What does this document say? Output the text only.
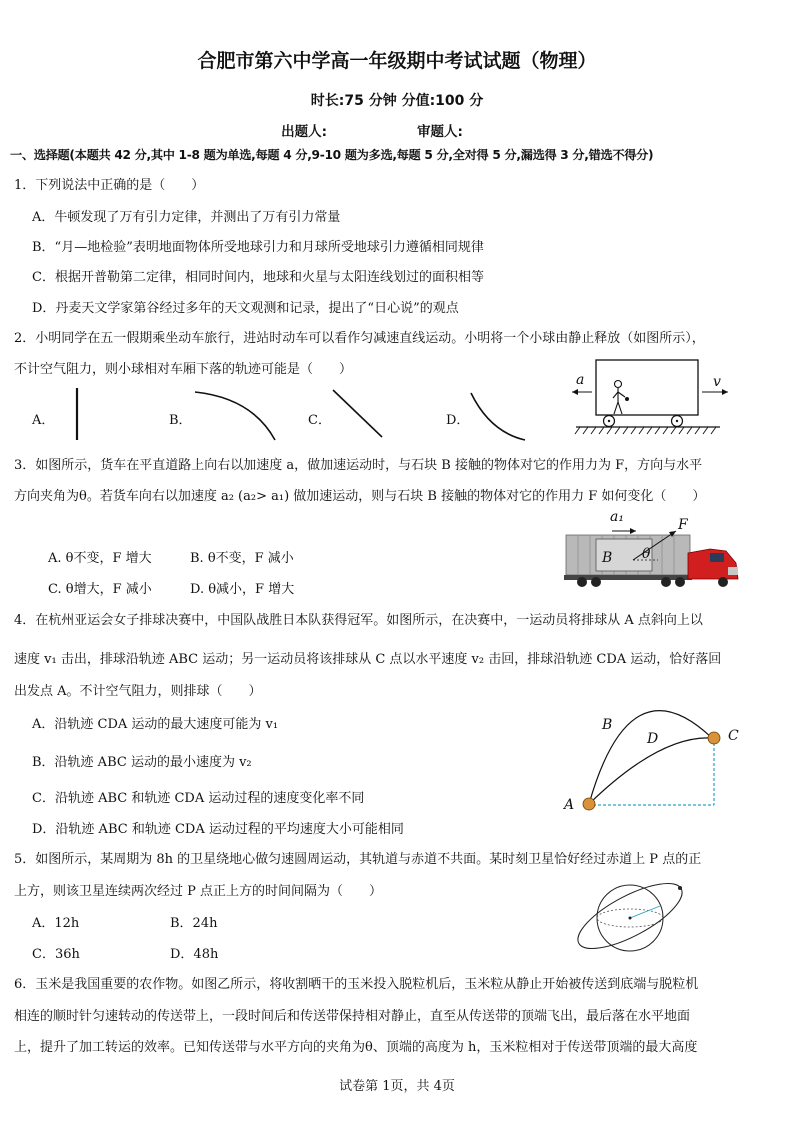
合肥市第六中学高一年级期中考试试题（物理）
时长:75 分钟 分值:100 分
出题人:	审题人:
一、选择题(本题共 42 分,其中 1-8 题为单选,每题 4 分,9-10 题为多选,每题 5 分,全对得 5 分,漏选得 3 分,错选不得分)
1．下列说法中正确的是（　　）
A．牛顿发现了万有引力定律，并测出了万有引力常量
B．“月—地检验”表明地面物体所受地球引力和月球所受地球引力遵循相同规律
C．根据开普勒第二定律，相同时间内，地球和火星与太阳连线划过的面积相等
D．丹麦天文学家第谷经过多年的天文观测和记录，提出了“日心说”的观点
2．小明同学在五一假期乘坐动车旅行，进站时动车可以看作匀减速直线运动。小明将一个小球由静止释放（如图所示），
不计空气阻力，则小球相对车厢下落的轨迹可能是（　　）
A．	B．	C．	D．
a	v
3．如图所示，货车在平直道路上向右以加速度 a，做加速运动时，与石块 B 接触的物体对它的作用力为 F，方向与水平
方向夹角为θ。若货车向右以加速度 a₂ (a₂> a₁) 做加速运动，则与石块 B 接触的物体对它的作用力 F 如何变化（　　）
A. θ不变，F 增大	B. θ不变，F 减小
C. θ增大，F 减小	D. θ减小，F 增大
a₁	F
B θ
4．在杭州亚运会女子排球决赛中，中国队战胜日本队获得冠军。如图所示，在决赛中，一运动员将排球从 A 点斜向上以
速度 v₁ 击出，排球沿轨迹 ABC 运动；另一运动员将该排球从 C 点以水平速度 v₂ 击回，排球沿轨迹 CDA 运动，恰好落回
出发点 A。不计空气阻力，则排球（　　）
A．沿轨迹 CDA 运动的最大速度可能为 v₁
B．沿轨迹 ABC 运动的最小速度为 v₂
C．沿轨迹 ABC 和轨迹 CDA 运动过程的速度变化率不同
D．沿轨迹 ABC 和轨迹 CDA 运动过程的平均速度大小可能相同
A
B
C
D
5．如图所示，某周期为 8h 的卫星绕地心做匀速圆周运动，其轨道与赤道不共面。某时刻卫星恰好经过赤道上 P 点的正
上方，则该卫星连续两次经过 P 点正上方的时间间隔为（　　）
A．12h	B．24h
C．36h	D．48h
6．玉米是我国重要的农作物。如图乙所示，将收割晒干的玉米投入脱粒机后，玉米粒从静止开始被传送到底端与脱粒机
相连的顺时针匀速转动的传送带上，一段时间后和传送带保持相对静止，直至从传送带的顶端飞出，最后落在水平地面
上，提升了加工转运的效率。已知传送带与水平方向的夹角为θ、顶端的高度为 h，玉米粒相对于传送带顶端的最大高度
试卷第 1页，共 4页
